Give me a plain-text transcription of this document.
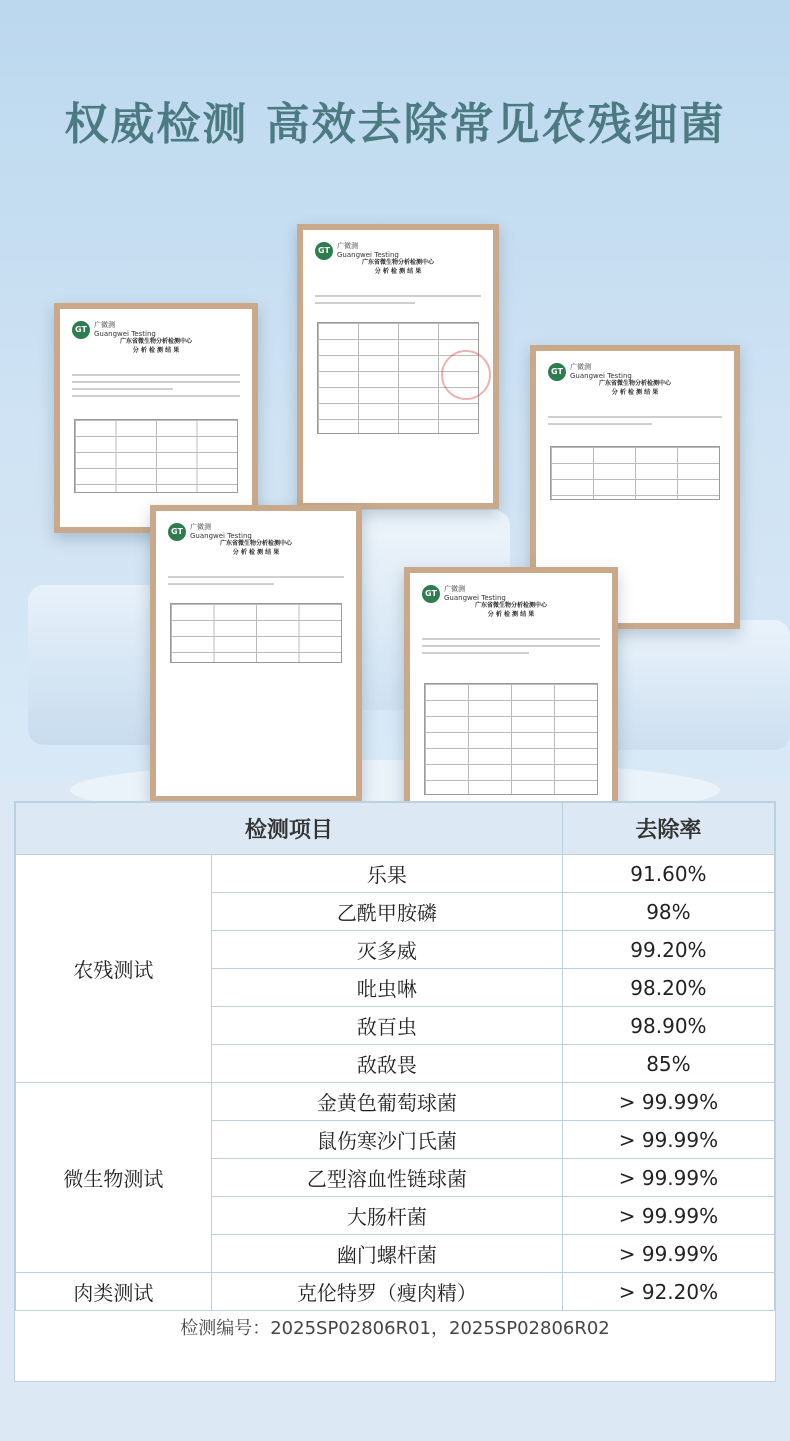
权威检测 高效去除常见农残细菌
GT	广微测
Guangwei Testing
广东省微生物分析检测中心
分 析 检 测 结 果
GT	广微测
Guangwei Testing
广东省微生物分析检测中心
分 析 检 测 结 果
GT	广微测
Guangwei Testing
广东省微生物分析检测中心
分 析 检 测 结 果
GT	广微测
Guangwei Testing
广东省微生物分析检测中心
分 析 检 测 结 果
GT	广微测
Guangwei Testing
广东省微生物分析检测中心
分 析 检 测 结 果
检测项目		去除率
农残测试	乐果	91.60%
	乙酰甲胺磷	98%
	灭多威	99.20%
	吡虫啉	98.20%
	敌百虫	98.90%
	敌敌畏	85%
微生物测试	金黄色葡萄球菌	> 99.99%
	鼠伤寒沙门氏菌	> 99.99%
	乙型溶血性链球菌	> 99.99%
	大肠杆菌	> 99.99%
	幽门螺杆菌	> 99.99%
肉类测试	克伦特罗（瘦肉精）	> 92.20%
检测编号：2025SP02806R01，2025SP02806R02
